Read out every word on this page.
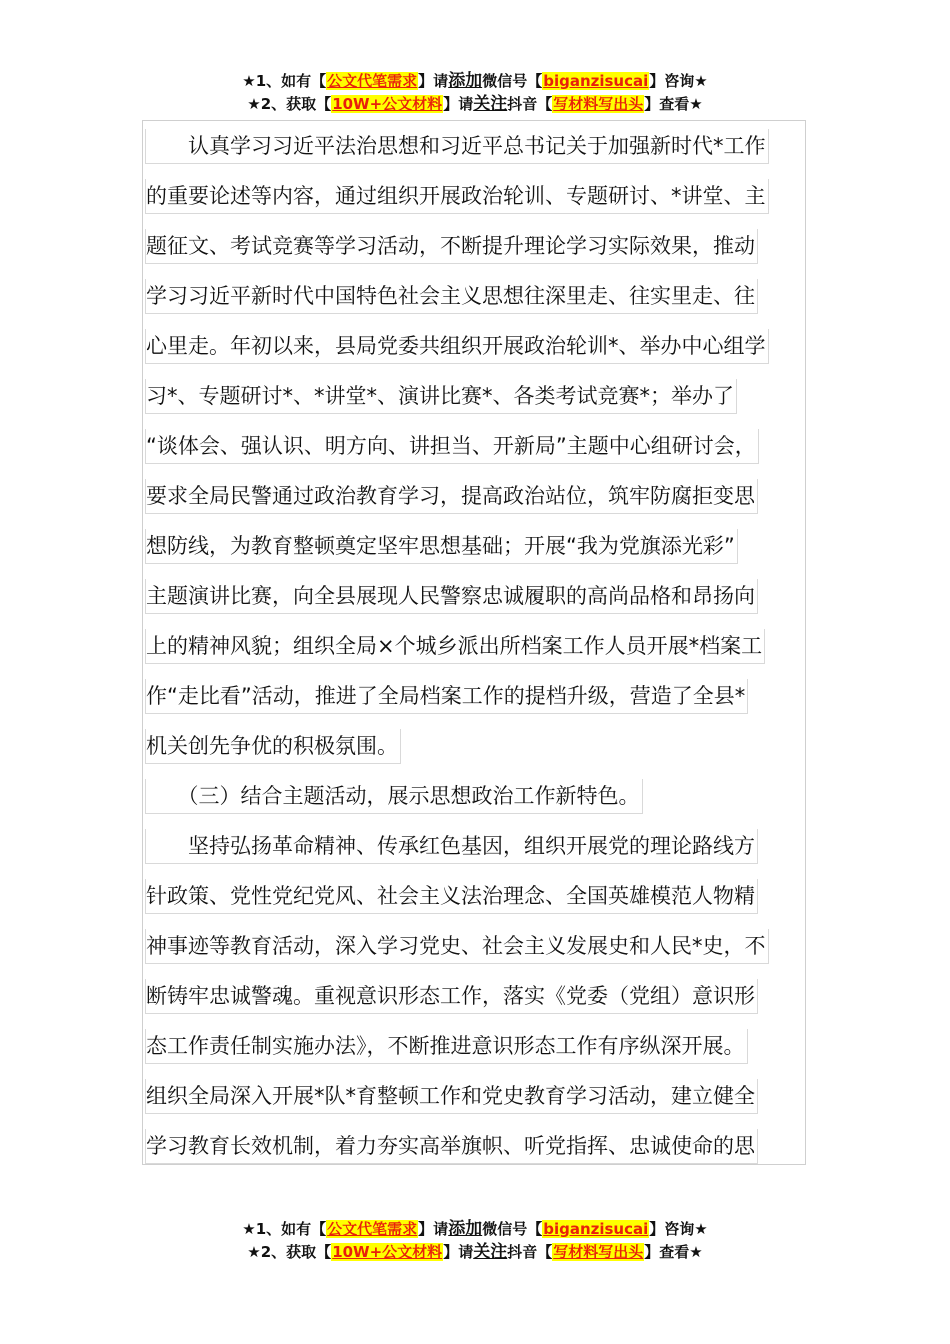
★1、如有【公文代笔需求】请添加微信号【biganzisucai】咨询★
★2、获取【10W+公文材料】请关注抖音【写材料写出头】查看★
　　认真学习习近平法治思想和习近平总书记关于加强新时代*工作
的重要论述等内容，通过组织开展政治轮训、专题研讨、*讲堂、主
题征文、考试竞赛等学习活动，不断提升理论学习实际效果，推动
学习习近平新时代中国特色社会主义思想往深里走、往实里走、往
心里走。年初以来，县局党委共组织开展政治轮训*、举办中心组学
习*、专题研讨*、*讲堂*、演讲比赛*、各类考试竞赛*；举办了
“谈体会、强认识、明方向、讲担当、开新局”主题中心组研讨会，
要求全局民警通过政治教育学习，提高政治站位，筑牢防腐拒变思
想防线，为教育整顿奠定坚牢思想基础；开展“我为党旗添光彩”
主题演讲比赛，向全县展现人民警察忠诚履职的高尚品格和昂扬向
上的精神风貌；组织全局×个城乡派出所档案工作人员开展*档案工
作“走比看”活动，推进了全局档案工作的提档升级，营造了全县*
机关创先争优的积极氛围。
　　（三）结合主题活动，展示思想政治工作新特色。
　　坚持弘扬革命精神、传承红色基因，组织开展党的理论路线方
针政策、党性党纪党风、社会主义法治理念、全国英雄模范人物精
神事迹等教育活动，深入学习党史、社会主义发展史和人民*史，不
断铸牢忠诚警魂。重视意识形态工作，落实《党委（党组）意识形
态工作责任制实施办法》，不断推进意识形态工作有序纵深开展。
组织全局深入开展*队*育整顿工作和党史教育学习活动，建立健全
学习教育长效机制，着力夯实高举旗帜、听党指挥、忠诚使命的思
★1、如有【公文代笔需求】请添加微信号【biganzisucai】咨询★
★2、获取【10W+公文材料】请关注抖音【写材料写出头】查看★
